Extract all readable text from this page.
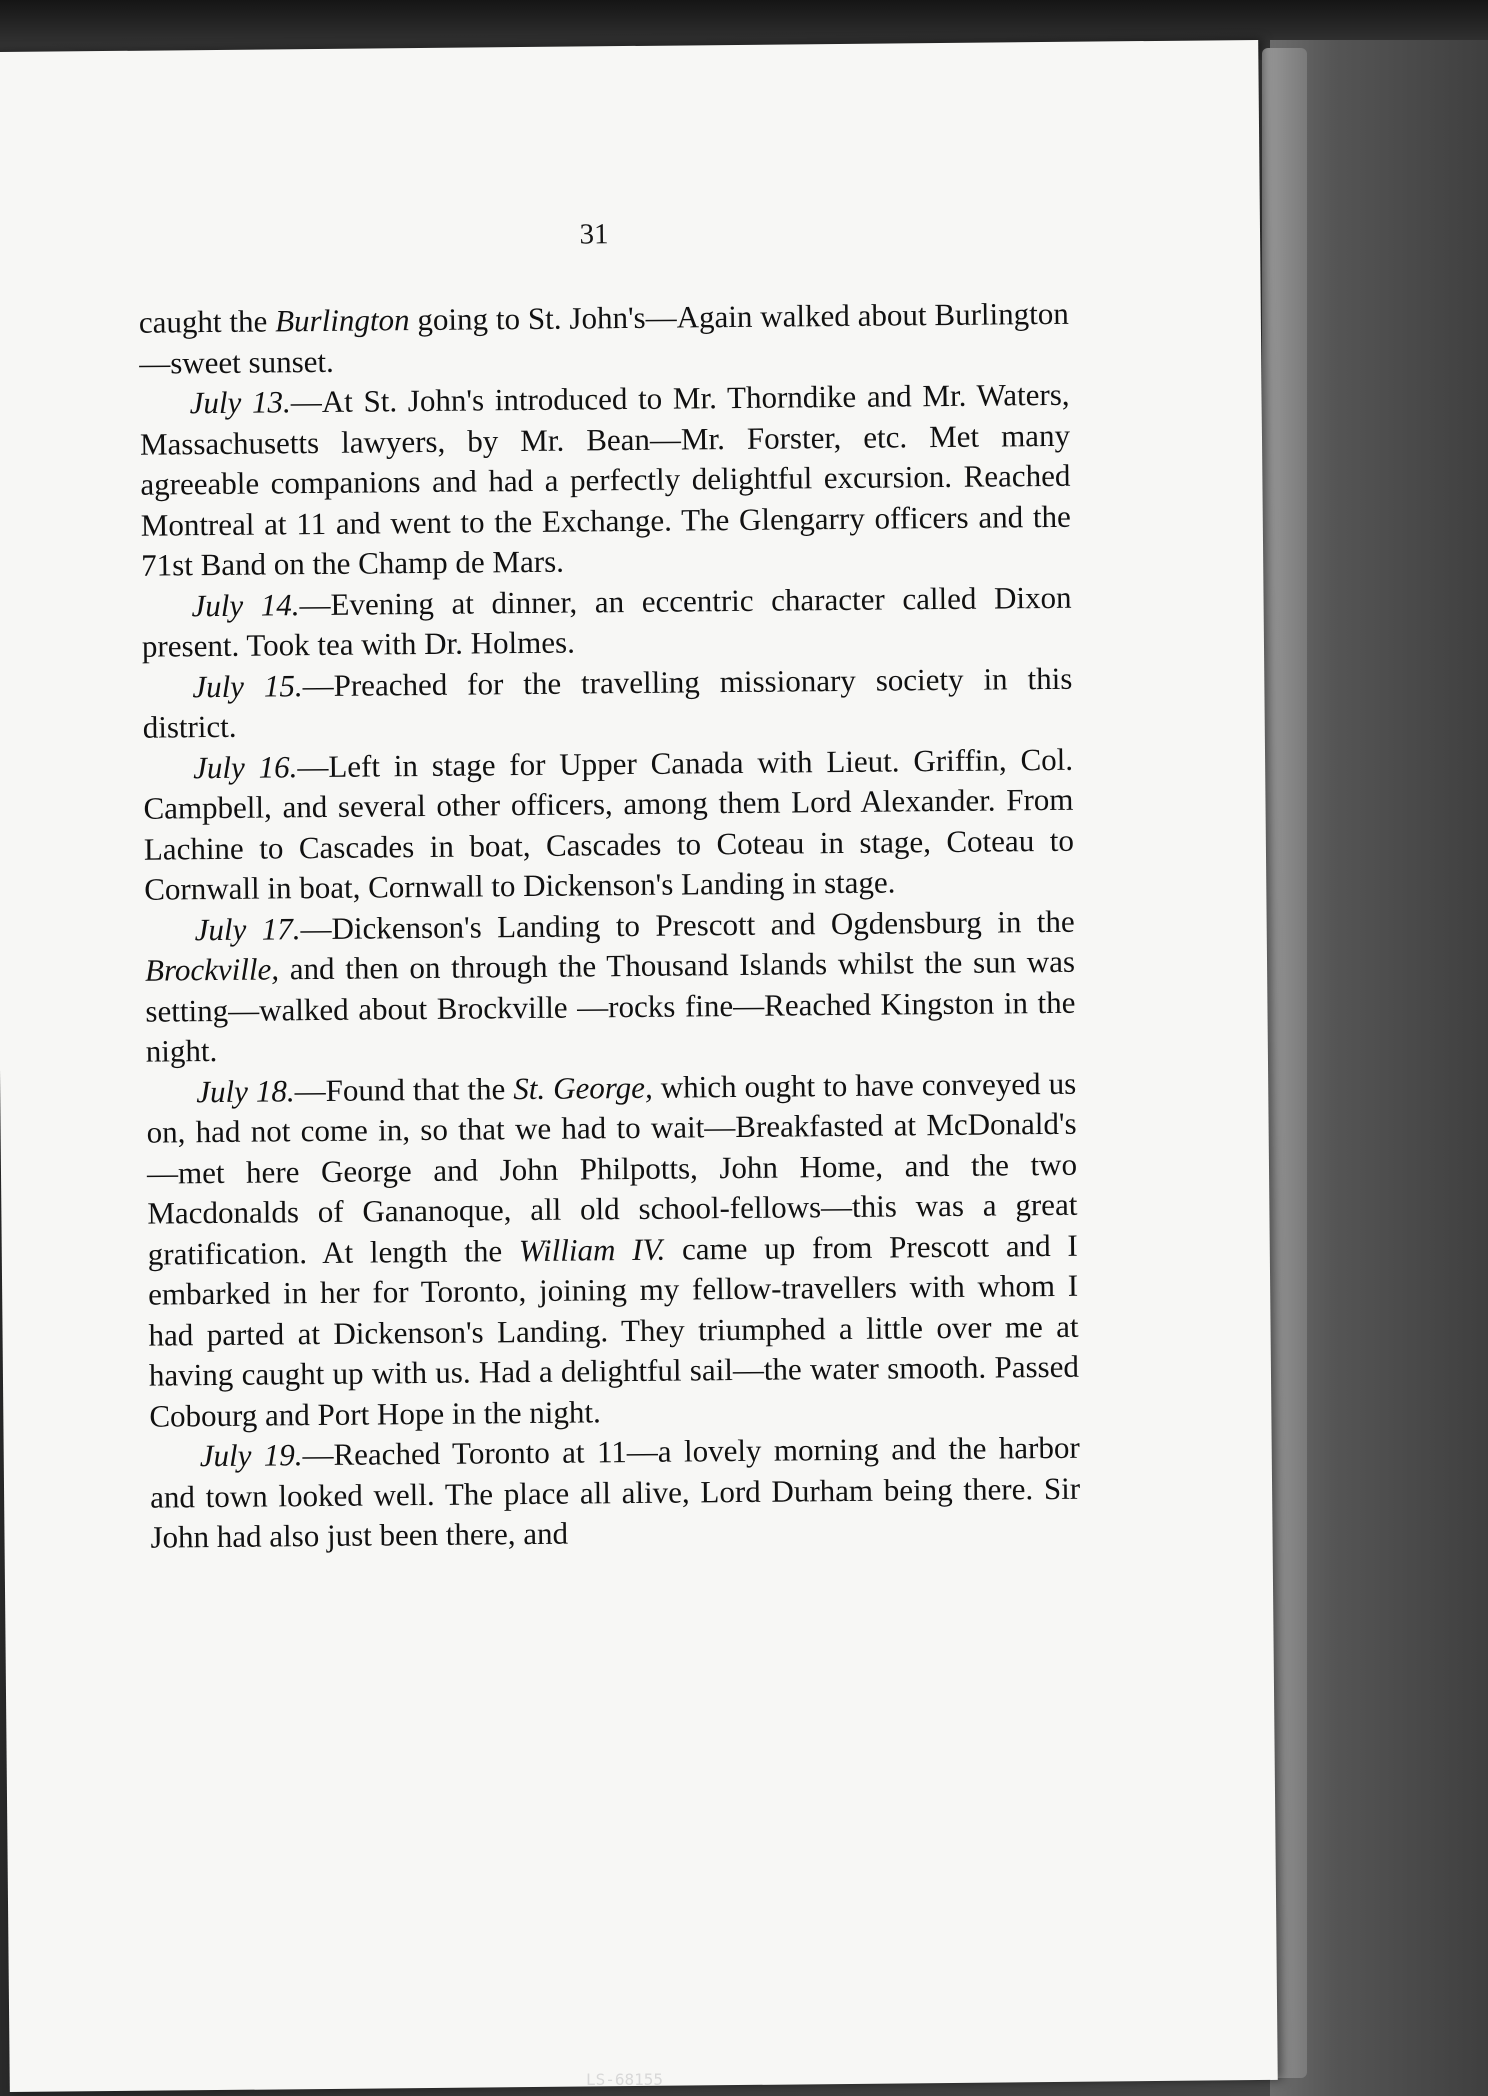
31

caught the Burlington going to St. John's—Again walked about Burlington—sweet sunset.

July 13.—At St. John's introduced to Mr. Thorndike and Mr. Waters, Massachusetts lawyers, by Mr. Bean—Mr. Forster, etc. Met many agreeable companions and had a perfectly delightful excursion. Reached Montreal at 11 and went to the Exchange. The Glengarry officers and the 71st Band on the Champ de Mars.

July 14.—Evening at dinner, an eccentric character called Dixon present. Took tea with Dr. Holmes.

July 15.—Preached for the travelling missionary society in this district.

July 16.—Left in stage for Upper Canada with Lieut. Griffin, Col. Campbell, and several other officers, among them Lord Alexander. From Lachine to Cascades in boat, Cascades to Coteau in stage, Coteau to Cornwall in boat, Cornwall to Dickenson's Landing in stage.

July 17.—Dickenson's Landing to Prescott and Ogdensburg in the Brockville, and then on through the Thousand Islands whilst the sun was setting—walked about Brockville —rocks fine—Reached Kingston in the night.

July 18.—Found that the St. George, which ought to have conveyed us on, had not come in, so that we had to wait—Breakfasted at McDonald's—met here George and John Philpotts, John Home, and the two Macdonalds of Gananoque, all old school-fellows—this was a great gratification. At length the William IV. came up from Prescott and I embarked in her for Toronto, joining my fellow-travellers with whom I had parted at Dickenson's Landing. They triumphed a little over me at having caught up with us. Had a delightful sail—the water smooth. Passed Cobourg and Port Hope in the night.

July 19.—Reached Toronto at 11—a lovely morning and the harbor and town looked well. The place all alive, Lord Durham being there. Sir John had also just been there, and

LS-68155
